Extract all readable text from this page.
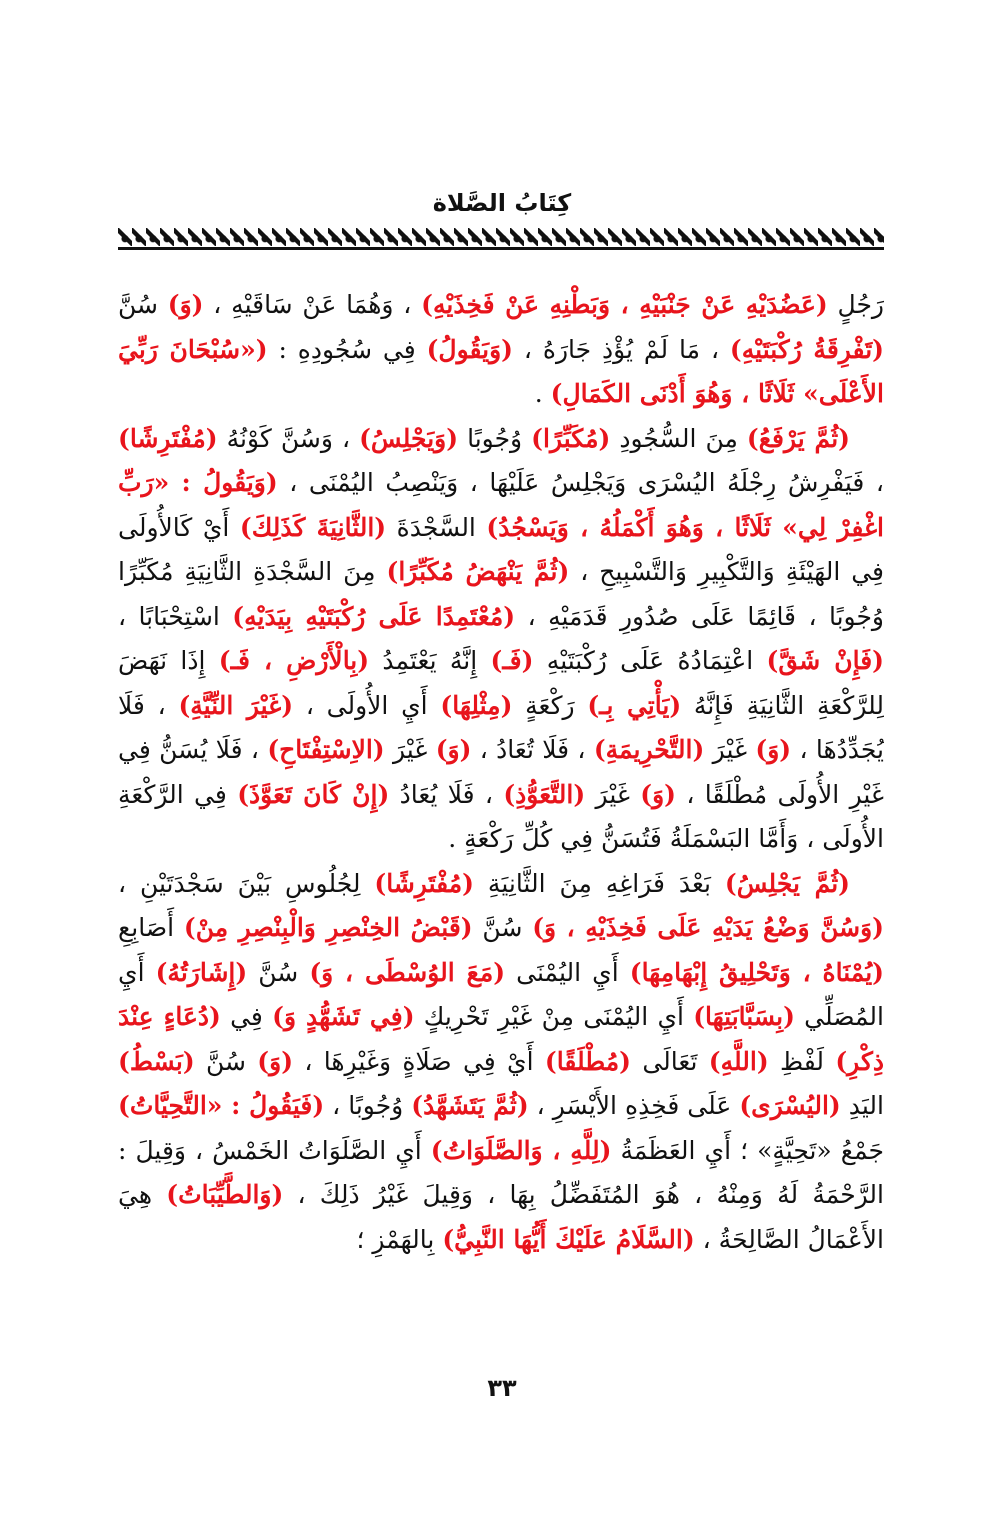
كِتَابُ الصَّلاة

رَجُلٍ (عَضُدَيْهِ عَنْ جَنْبَيْهِ ، وَبَطْنِهِ عَنْ فَخِذَيْهِ) ، وَهُمَا عَنْ سَاقَيْهِ ، (وَ) سُنَّ (تَفْرِقَةُ رُكْبَتَيْهِ) ، مَا لَمْ يُؤْذِ جَارَهُ ، (وَيَقُولُ) فِي سُجُودِهِ : («سُبْحَانَ رَبِّيَ الأَعْلَى» ثَلَاثًا ، وَهُوَ أَدْنَى الكَمَالِ) .

(ثُمَّ يَرْفَعُ) مِنَ السُّجُودِ (مُكَبِّرًا) وُجُوبًا (وَيَجْلِسُ) ، وَسُنَّ كَوْنُهُ (مُفْتَرِشًا) ، فَيَفْرِشُ رِجْلَهُ اليُسْرَى وَيَجْلِسُ عَلَيْهَا ، وَيَنْصِبُ اليُمْنَى ، (وَيَقُولُ : «رَبِّ اغْفِرْ لِي» ثَلَاثًا ، وَهُوَ أَكْمَلُهُ ، وَيَسْجُدُ) السَّجْدَةَ (الثَّانِيَةَ كَذَلِكَ) أَيْ كَالأُولَى فِي الهَيْئَةِ وَالتَّكْبِيرِ وَالتَّسْبِيحِ ، (ثُمَّ يَنْهَضُ مُكَبِّرًا) مِنَ السَّجْدَةِ الثَّانِيَةِ مُكَبِّرًا وُجُوبًا ، قَائِمًا عَلَى صُدُورِ قَدَمَيْهِ ، (مُعْتَمِدًا عَلَى رُكْبَتَيْهِ بِيَدَيْهِ) اسْتِحْبَابًا ، (فَإِنْ شَقَّ) اعْتِمَادُهُ عَلَى رُكْبَتَيْهِ (فَـ) إِنَّهُ يَعْتَمِدُ (بِالْأَرْضِ ، فَـ) إِذَا نَهَضَ لِلرَّكْعَةِ الثَّانِيَةِ فَإِنَّهُ (يَأْتِي بِـ) رَكْعَةٍ (مِثْلِهَا) أَيِ الأُولَى ، (غَيْرَ النِّيَّةِ) ، فَلَا يُجَدِّدُهَا ، (وَ) غَيْرَ (التَّحْرِيمَةِ) ، فَلَا تُعَادُ ، (وَ) غَيْرَ (الاِسْتِفْتَاحِ) ، فَلَا يُسَنُّ فِي غَيْرِ الأُولَى مُطْلَقًا ، (وَ) غَيْرَ (التَّعَوُّذِ) ، فَلَا يُعَادُ (إِنْ كَانَ تَعَوَّذَ) فِي الرَّكْعَةِ الأُولَى ، وَأَمَّا البَسْمَلَةُ فَتُسَنُّ فِي كُلِّ رَكْعَةٍ .

(ثُمَّ يَجْلِسُ) بَعْدَ فَرَاغِهِ مِنَ الثَّانِيَةِ (مُفْتَرِشًا) لِجُلُوسِ بَيْنَ سَجْدَتَيْنِ ، (وَسُنَّ وَضْعُ يَدَيْهِ عَلَى فَخِذَيْهِ ، وَ) سُنَّ (قَبْضُ الخِنْصِرِ وَالْبِنْصِرِ مِنْ) أَصَابِعِ (يُمْنَاهُ ، وَتَحْلِيقُ إِبْهَامِهَا) أَيِ اليُمْنَى (مَعَ الوُسْطَى ، وَ) سُنَّ (إِشَارَتُهُ) أَيِ المُصَلِّي (بِسَبَّابَتِهَا) أَيِ اليُمْنَى مِنْ غَيْرِ تَحْرِيكٍ (فِي تَشَهُّدٍ وَ) فِي (دُعَاءٍ عِنْدَ ذِكْرِ) لَفْظِ (اللَّهِ) تَعَالَى (مُطْلَقًا) أَيْ فِي صَلَاةٍ وَغَيْرِهَا ، (وَ) سُنَّ (بَسْطُ) اليَدِ (اليُسْرَى) عَلَى فَخِذِهِ الأَيْسَرِ ، (ثُمَّ يَتَشَهَّدُ) وُجُوبًا ، (فَيَقُولُ : «التَّحِيَّاتُ) جَمْعُ «تَحِيَّةٍ» ؛ أَيِ العَظَمَةُ (لِلَّهِ ، وَالصَّلَوَاتُ) أَيِ الصَّلَوَاتُ الخَمْسُ ، وَقِيلَ : الرَّحْمَةُ لَهُ وَمِنْهُ ، هُوَ المُتَفَضِّلُ بِهَا ، وَقِيلَ غَيْرُ ذَلِكَ ، (وَالطَّيِّبَاتُ) هِيَ الأَعْمَالُ الصَّالِحَةُ ، (السَّلَامُ عَلَيْكَ أَيُّهَا النَّبِيُّ) بِالهَمْزِ ؛

٣٣
